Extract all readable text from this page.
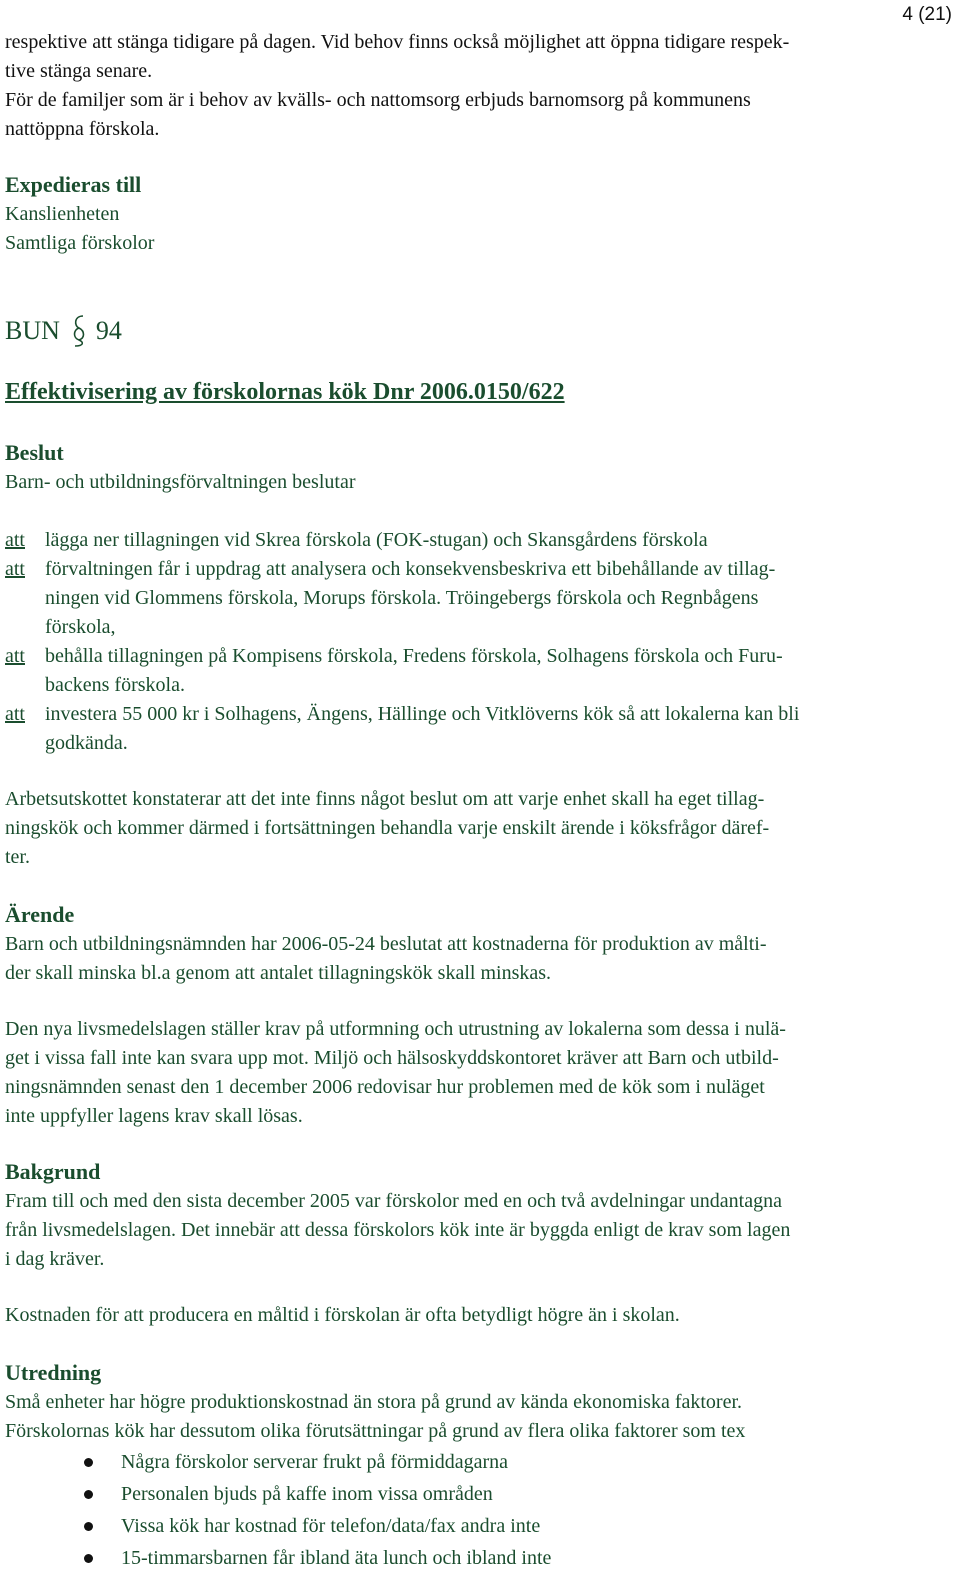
4 (21)

respektive att stänga tidigare på dagen. Vid behov finns också möjlighet att öppna tidigare respek-

tive stänga senare.

För de familjer som är i behov av kvälls- och nattomsorg erbjuds barnomsorg på kommunens

nattöppna förskola.

Expedieras till

Kanslienheten

Samtliga förskolor

BUN 94
Effektivisering av förskolornas kök Dnr 2006.0150/622

Beslut

Barn- och utbildningsförvaltningen beslutar

att	lägga ner tillagningen vid Skrea förskola (FOK-stugan) och Skansgårdens förskola

att	förvaltningen får i uppdrag att analysera och konsekvensbeskriva ett bibehållande av tillag-

ningen vid Glommens förskola, Morups förskola. Tröingebergs förskola och Regnbågens

förskola,

att	behålla tillagningen på Kompisens förskola, Fredens förskola, Solhagens förskola och Furu-

backens förskola.

att	investera 55 000 kr i Solhagens, Ängens, Hällinge och Vitklöverns kök så att lokalerna kan bli

godkända.

Arbetsutskottet konstaterar att det inte finns något beslut om att varje enhet skall ha eget tillag-

ningskök och kommer därmed i fortsättningen behandla varje enskilt ärende i köksfrågor däref-

ter.

Ärende

Barn och utbildningsnämnden har 2006-05-24 beslutat att kostnaderna för produktion av målti-

der skall minska bl.a genom att antalet tillagningskök skall minskas.

Den nya livsmedelslagen ställer krav på utformning och utrustning av lokalerna som dessa i nulä-

get i vissa fall inte kan svara upp mot. Miljö och hälsoskyddskontoret kräver att Barn och utbild-

ningsnämnden senast den 1 december 2006 redovisar hur problemen med de kök som i nuläget

inte uppfyller lagens krav skall lösas.

Bakgrund

Fram till och med den sista december 2005 var förskolor med en och två avdelningar undantagna

från livsmedelslagen. Det innebär att dessa förskolors kök inte är byggda enligt de krav som lagen

i dag kräver.

Kostnaden för att producera en måltid i förskolan är ofta betydligt högre än i skolan.

Utredning

Små enheter har högre produktionskostnad än stora på grund av kända ekonomiska faktorer.

Förskolornas kök har dessutom olika förutsättningar på grund av flera olika faktorer som tex

Några förskolor serverar frukt på förmiddagarna
Personalen bjuds på kaffe inom vissa områden
Vissa kök har kostnad för telefon/data/fax andra inte
15-timmarsbarnen får ibland äta lunch och ibland inte
